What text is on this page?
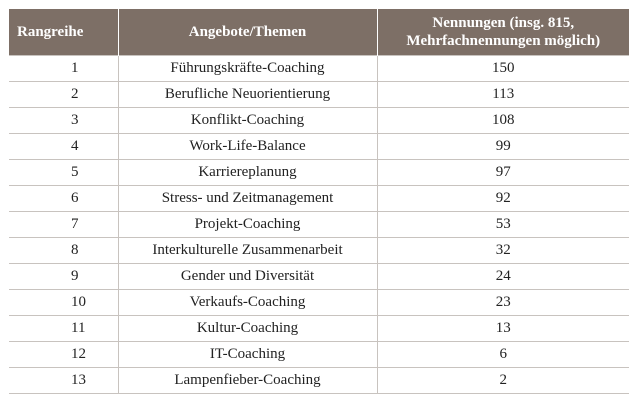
Rangreihe	Angebote/Themen	Nennungen (insg. 815,
Mehrfachnennungen möglich)
1	Führungskräfte-Coaching	150
2	Berufliche Neuorientierung	113
3	Konflikt-Coaching	108
4	Work-Life-Balance	99
5	Karriereplanung	97
6	Stress- und Zeitmanagement	92
7	Projekt-Coaching	53
8	Interkulturelle Zusammenarbeit	32
9	Gender und Diversität	24
10	Verkaufs-Coaching	23
11	Kultur-Coaching	13
12	IT-Coaching	6
13	Lampenfieber-Coaching	2
